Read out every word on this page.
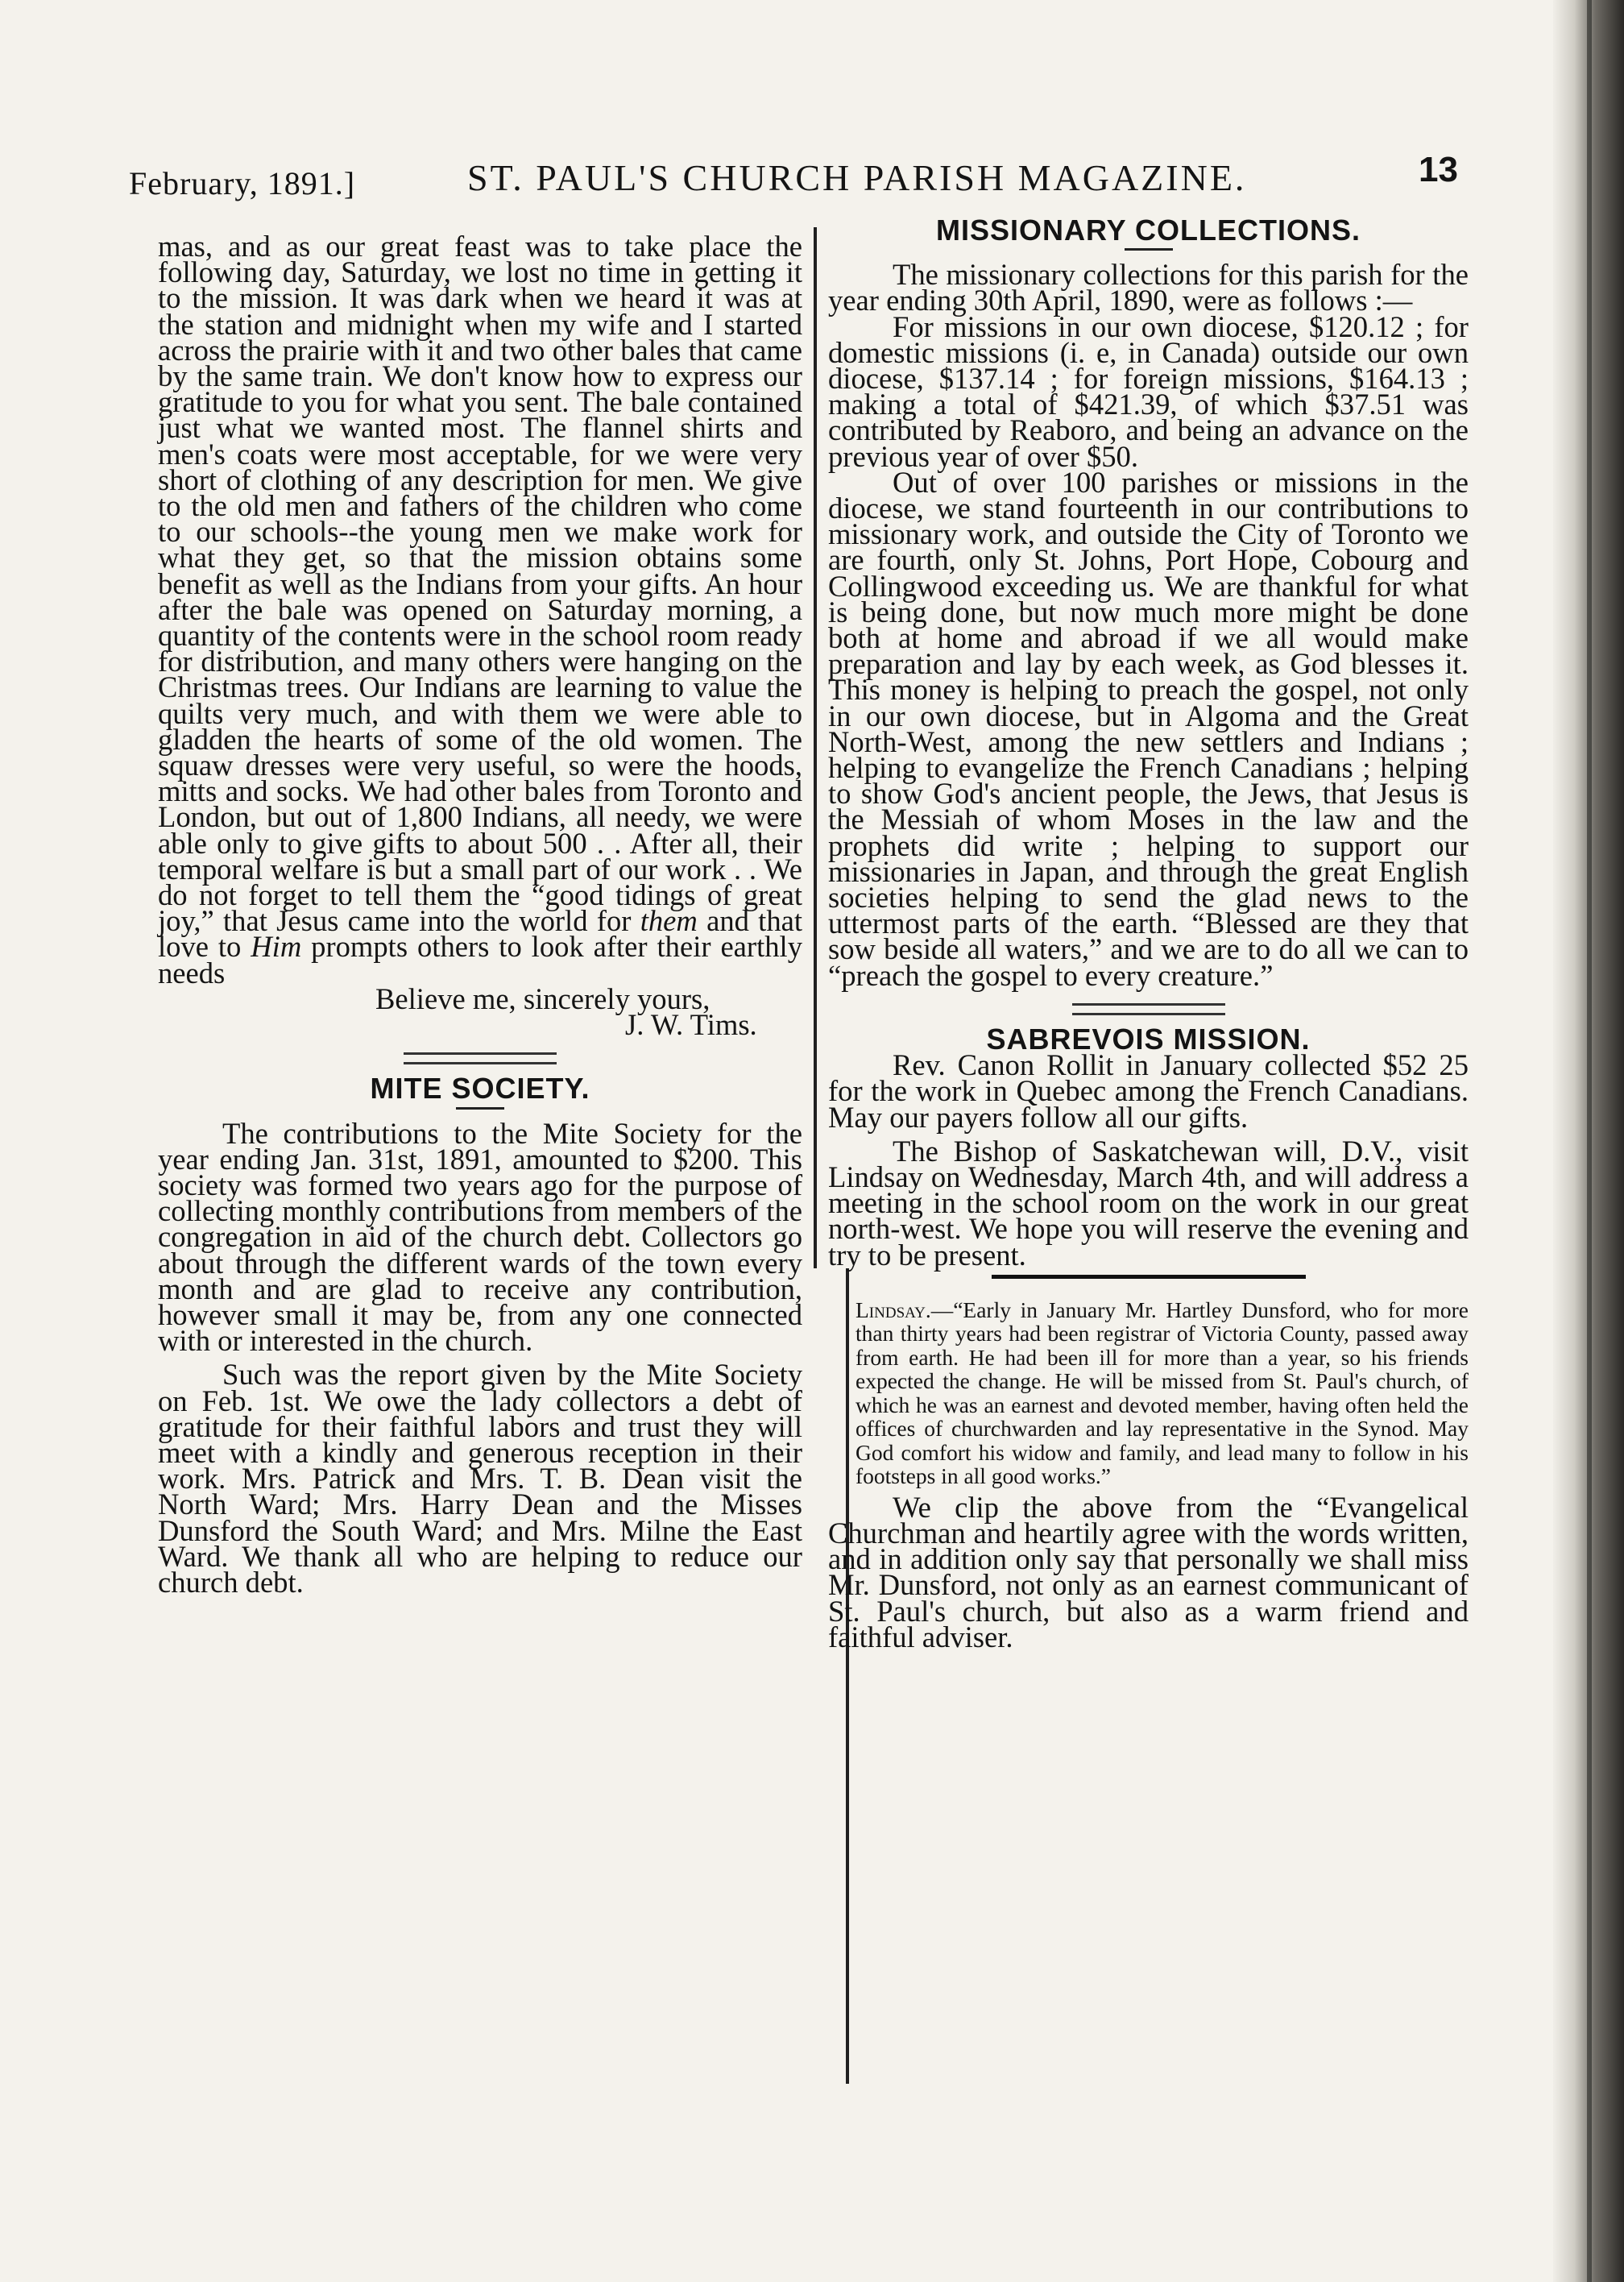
February, 1891.]	ST. PAUL'S CHURCH PARISH MAGAZINE.	13

mas, and as our great feast was to take place the following day, Saturday, we lost no time in getting it to the mission. It was dark when we heard it was at the station and midnight when my wife and I started across the prairie with it and two other bales that came by the same train. We don't know how to express our gratitude to you for what you sent. The bale contained just what we wanted most. The flannel shirts and men's coats were most acceptable, for we were very short of clothing of any description for men. We give to the old men and fathers of the children who come to our schools--the young men we make work for what they get, so that the mission obtains some benefit as well as the Indians from your gifts. An hour after the bale was opened on Saturday morning, a quantity of the contents were in the school room ready for distribution, and many others were hanging on the Christmas trees. Our Indians are learning to value the quilts very much, and with them we were able to gladden the hearts of some of the old women. The squaw dresses were very useful, so were the hoods, mitts and socks. We had other bales from Toronto and London, but out of 1,800 Indians, all needy, we were able only to give gifts to about 500 . . After all, their temporal welfare is but a small part of our work . . We do not forget to tell them the “good tidings of great joy,” that Jesus came into the world for them and that love to Him prompts others to look after their earthly needs

Believe me, sincerely yours,

J. W. Tims.

MITE SOCIETY.

The contributions to the Mite Society for the year ending Jan. 31st, 1891, amounted to $200. This society was formed two years ago for the purpose of collecting monthly contributions from members of the congregation in aid of the church debt. Collectors go about through the different wards of the town every month and are glad to receive any contribution, however small it may be, from any one connected with or interested in the church.

Such was the report given by the Mite Society on Feb. 1st. We owe the lady collectors a debt of gratitude for their faithful labors and trust they will meet with a kindly and generous reception in their work. Mrs. Patrick and Mrs. T. B. Dean visit the North Ward; Mrs. Harry Dean and the Misses Dunsford the South Ward; and Mrs. Milne the East Ward. We thank all who are helping to reduce our church debt.

MISSIONARY COLLECTIONS.

The missionary collections for this parish for the year ending 30th April, 1890, were as follows :—

For missions in our own diocese, $120.12 ; for domestic missions (i. e, in Canada) outside our own diocese, $137.14 ; for foreign missions, $164.13 ; making a total of $421.39, of which $37.51 was contributed by Reaboro, and being an advance on the previous year of over $50.

Out of over 100 parishes or missions in the diocese, we stand fourteenth in our contributions to missionary work, and outside the City of Toronto we are fourth, only St. Johns, Port Hope, Cobourg and Collingwood exceeding us. We are thankful for what is being done, but now much more might be done both at home and abroad if we all would make preparation and lay by each week, as God blesses it. This money is helping to preach the gospel, not only in our own diocese, but in Algoma and the Great North-West, among the new settlers and Indians ; helping to evangelize the French Canadians ; helping to show God's ancient people, the Jews, that Jesus is the Messiah of whom Moses in the law and the prophets did write ; helping to support our missionaries in Japan, and through the great English societies helping to send the glad news to the uttermost parts of the earth. “Blessed are they that sow beside all waters,” and we are to do all we can to “preach the gospel to every creature.”

SABREVOIS MISSION.

Rev. Canon Rollit in January collected $52 25 for the work in Quebec among the French Canadians. May our payers follow all our gifts.

The Bishop of Saskatchewan will, D.V., visit Lindsay on Wednesday, March 4th, and will address a meeting in the school room on the work in our great north-west. We hope you will reserve the evening and try to be present.

Lindsay.—“Early in January Mr. Hartley Dunsford, who for more than thirty years had been registrar of Victoria County, passed away from earth. He had been ill for more than a year, so his friends expected the change. He will be missed from St. Paul's church, of which he was an earnest and devoted member, having often held the offices of churchwarden and lay representative in the Synod. May God comfort his widow and family, and lead many to follow in his footsteps in all good works.”

We clip the above from the “Evangelical Churchman and heartily agree with the words written, and in addition only say that personally we shall miss Mr. Dunsford, not only as an earnest communicant of St. Paul's church, but also as a warm friend and faithful adviser.
